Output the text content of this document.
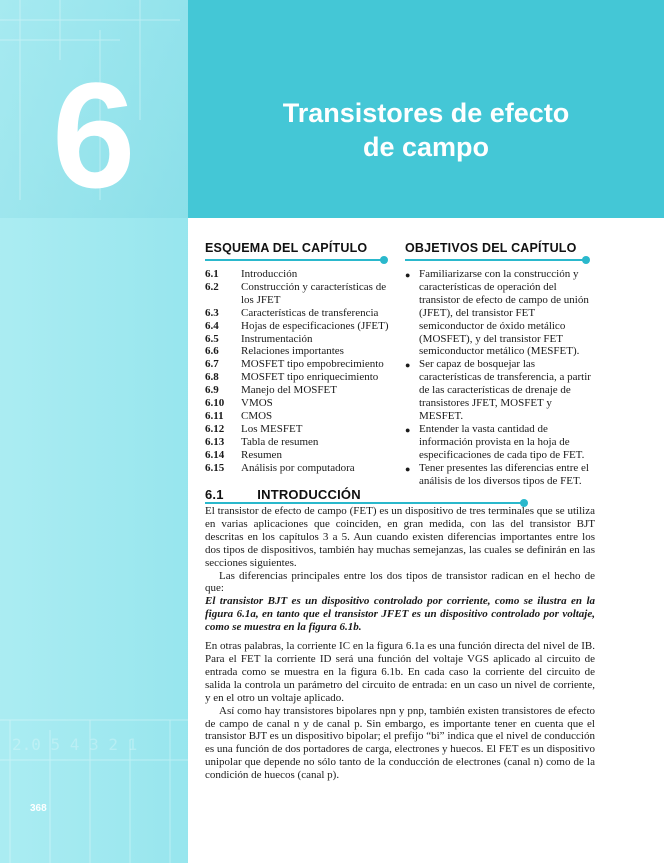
2.0 5 4 3 2 1
6	Transistores de efecto
de campo
ESQUEMA DEL CAPÍTULO	OBJETIVOS DEL CAPÍTULO
6.1	Introducción
6.2	Construcción y características de los JFET
6.3	Características de transferencia
6.4	Hojas de especificaciones (JFET)
6.5	Instrumentación
6.6	Relaciones importantes
6.7	MOSFET tipo empobrecimiento
6.8	MOSFET tipo enriquecimiento
6.9	Manejo del MOSFET
6.10	VMOS
6.11	CMOS
6.12	Los MESFET
6.13	Tabla de resumen
6.14	Resumen
6.15	Análisis por computadora
● Familiarizarse con la construcción y características de operación del transistor de efecto de campo de unión (JFET), del transistor FET semiconductor de óxido metálico (MOSFET), y del transistor FET semiconductor metálico (MESFET).
● Ser capaz de bosquejar las características de transferencia, a partir de las características de drenaje de transistores JFET, MOSFET y MESFET.
● Entender la vasta cantidad de información provista en la hoja de especificaciones de cada tipo de FET.
● Tener presentes las diferencias entre el análisis de los diversos tipos de FET.
6.1	INTRODUCCIÓN

El transistor de efecto de campo (FET) es un dispositivo de tres terminales que se utiliza en varias aplicaciones que coinciden, en gran medida, con las del transistor BJT descritas en los capítulos 3 a 5. Aun cuando existen diferencias importantes entre los dos tipos de dispositivos, también hay muchas semejanzas, las cuales se definirán en las secciones siguientes.

Las diferencias principales entre los dos tipos de transistor radican en el hecho de que:

El transistor BJT es un dispositivo controlado por corriente, como se ilustra en la figura 6.1a, en tanto que el transistor JFET es un dispositivo controlado por voltaje, como se muestra en la figura 6.1b.

En otras palabras, la corriente IC en la figura 6.1a es una función directa del nivel de IB. Para el FET la corriente ID será una función del voltaje VGS aplicado al circuito de entrada como se muestra en la figura 6.1b. En cada caso la corriente del circuito de salida la controla un parámetro del circuito de entrada: en un caso un nivel de corriente, y en el otro un voltaje aplicado.

Así como hay transistores bipolares npn y pnp, también existen transistores de efecto de campo de canal n y de canal p. Sin embargo, es importante tener en cuenta que el transistor BJT es un dispositivo bipolar; el prefijo “bi” indica que el nivel de conducción es una función de dos portadores de carga, electrones y huecos. El FET es un dispositivo unipolar que depende no sólo tanto de la conducción de electrones (canal n) como de la condición de huecos (canal p).

368
